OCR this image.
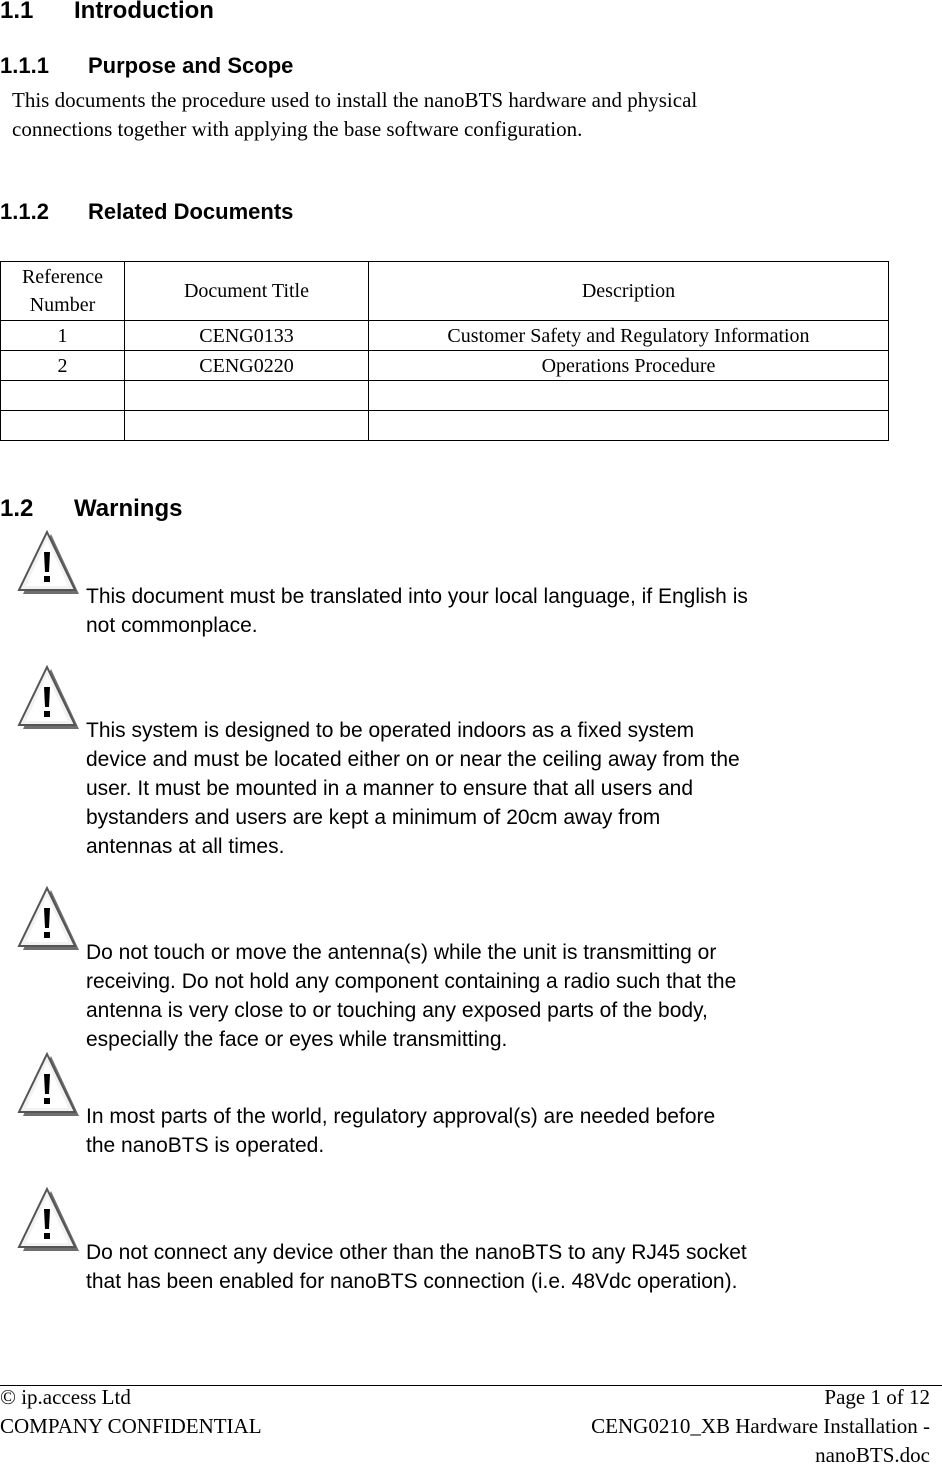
1.1 Introduction
1.1.1 Purpose and Scope
This documents the procedure used to install the nanoBTS hardware and physical
connections together with applying the base software configuration.
1.1.2 Related Documents
Reference
Number	Document Title	Description
1	CENG0133	Customer Safety and Regulatory Information
2	CENG0220	Operations Procedure

1.2 Warnings
This document must be translated into your local language, if English is
not commonplace.
This system is designed to be operated indoors as a fixed system
device and must be located either on or near the ceiling away from the
user. It must be mounted in a manner to ensure that all users and
bystanders and users are kept a minimum of 20cm away from
antennas at all times.
Do not touch or move the antenna(s) while the unit is transmitting or
receiving. Do not hold any component containing a radio such that the
antenna is very close to or touching any exposed parts of the body,
especially the face or eyes while transmitting.
In most parts of the world, regulatory approval(s) are needed before
the nanoBTS is operated.
Do not connect any device other than the nanoBTS to any RJ45 socket
that has been enabled for nanoBTS connection (i.e. 48Vdc operation).
© ip.access Ltd
COMPANY CONFIDENTIAL
Page 1 of 12
CENG0210_XB Hardware Installation -
nanoBTS.doc
